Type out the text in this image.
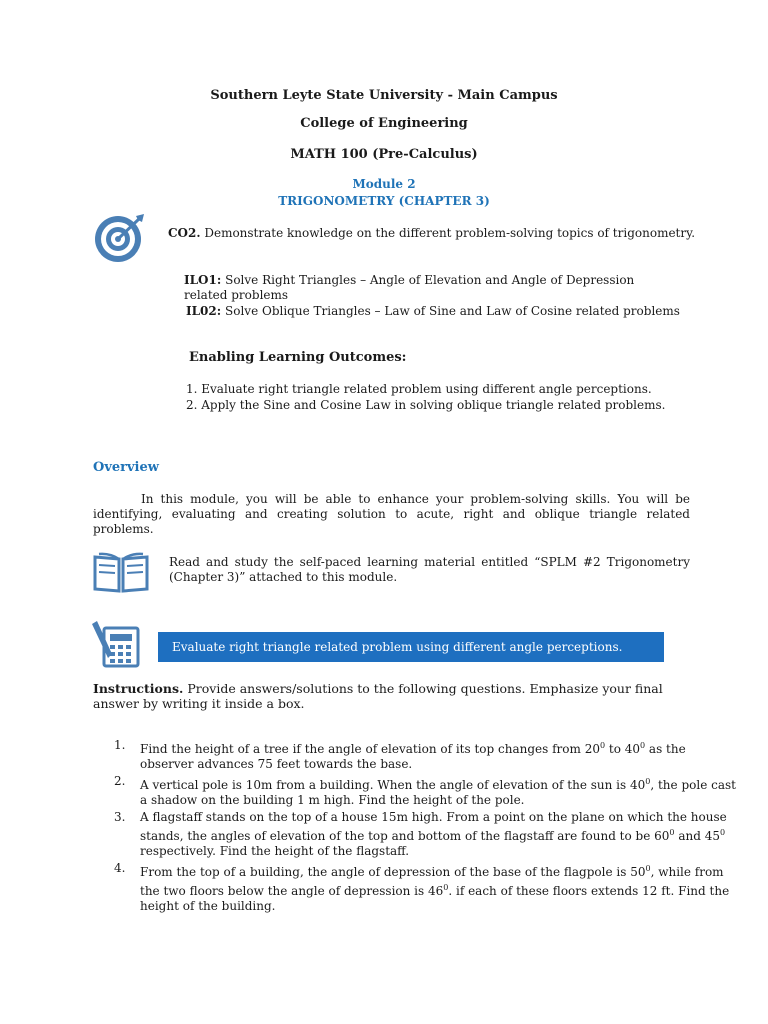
Southern Leyte State University - Main Campus
College of Engineering
MATH 100 (Pre-Calculus)
Module 2
TRIGONOMETRY (CHAPTER 3)
CO2. Demonstrate knowledge on the different problem-solving topics of trigonometry.
ILO1: Solve Right Triangles – Angle of Elevation and Angle of Depression related problems
IL02: Solve Oblique Triangles – Law of Sine and Law of Cosine related problems
Enabling Learning Outcomes:
1. Evaluate right triangle related problem using different angle perceptions.
2. Apply the Sine and Cosine Law in solving oblique triangle related problems.
Overview
In this module, you will be able to enhance your problem-solving skills. You will be identifying, evaluating and creating solution to acute, right and oblique triangle related problems.
Read and study the self-paced learning material entitled “SPLM #2 Trigonometry (Chapter 3)” attached to this module.
Evaluate right triangle related problem using different angle perceptions.
Instructions. Provide answers/solutions to the following questions. Emphasize your final answer by writing it inside a box.
1. Find the height of a tree if the angle of elevation of its top changes from $20^0$ to $40^0$ as the observer advances 75 feet towards the base.
2. A vertical pole is 10m from a building. When the angle of elevation of the sun is $40^0$, the pole cast a shadow on the building 1 m high. Find the height of the pole.
3. A flagstaff stands on the top of a house 15m high. From a point on the plane on which the house stands, the angles of elevation of the top and bottom of the flagstaff are found to be $60^0$ and $45^0$ respectively. Find the height of the flagstaff.
4. From the top of a building, the angle of depression of the base of the flagpole is $50^0$, while from the two floors below the angle of depression is $46^0$. if each of these floors extends 12 ft. Find the height of the building.
